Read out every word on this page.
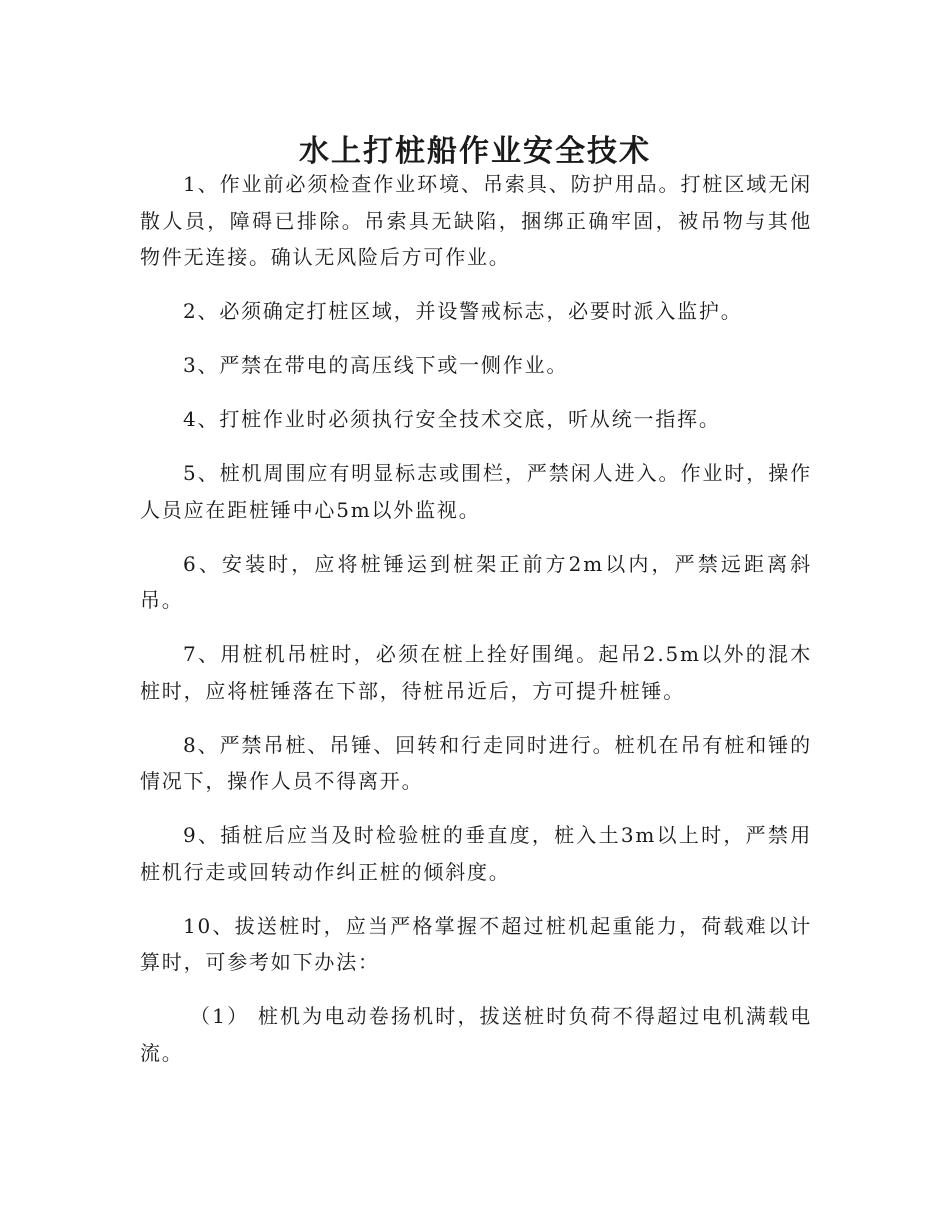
水上打桩船作业安全技术

1、作业前必须检查作业环境、吊索具、防护用品。打桩区域无闲散人员，障碍已排除。吊索具无缺陷，捆绑正确牢固，被吊物与其他物件无连接。确认无风险后方可作业。

2、必须确定打桩区域，并设警戒标志，必要时派入监护。

3、严禁在带电的高压线下或一侧作业。

4、打桩作业时必须执行安全技术交底，听从统一指挥。

5、桩机周围应有明显标志或围栏，严禁闲人进入。作业时，操作人员应在距桩锤中心5m以外监视。

6、安装时，应将桩锤运到桩架正前方2m以内，严禁远距离斜吊。

7、用桩机吊桩时，必须在桩上拴好围绳。起吊2.5m以外的混木桩时，应将桩锤落在下部，待桩吊近后，方可提升桩锤。

8、严禁吊桩、吊锤、回转和行走同时进行。桩机在吊有桩和锤的情况下，操作人员不得离开。

9、插桩后应当及时检验桩的垂直度，桩入土3m以上时，严禁用桩机行走或回转动作纠正桩的倾斜度。

10、拔送桩时，应当严格掌握不超过桩机起重能力，荷载难以计算时，可参考如下办法：

（1） 桩机为电动卷扬机时，拔送桩时负荷不得超过电机满载电流。
